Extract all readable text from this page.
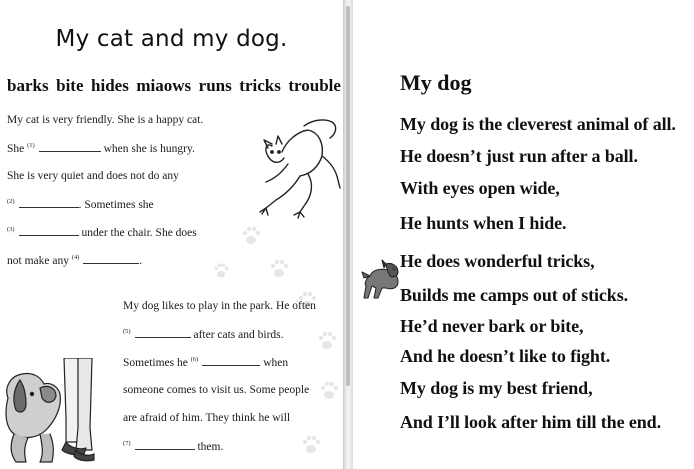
My cat and my dog.
barks bite hides miaows runs tricks trouble
My cat is very friendly. She is a happy cat.
She $^{(1)}$	when she is hungry.
She is very quiet and does not do any
$^{(2)}$	. Sometimes she
$^{(3)}$	under the chair. She does
not make any $^{(4)}$	.
My dog likes to play in the park. He often
$^{(5)}$	after cats and birds.
Sometimes he $^{(6)}$	when
someone comes to visit us. Some people
are afraid of him. They think he will
$^{(7)}$	them.
My dog
My dog is the cleverest animal of all.
He doesn’t just run after a ball.
With eyes open wide,
He hunts when I hide.
He does wonderful tricks,
Builds me camps out of sticks.
He’d never bark or bite,
And he doesn’t like to fight.
My dog is my best friend,
And I’ll look after him till the end.
